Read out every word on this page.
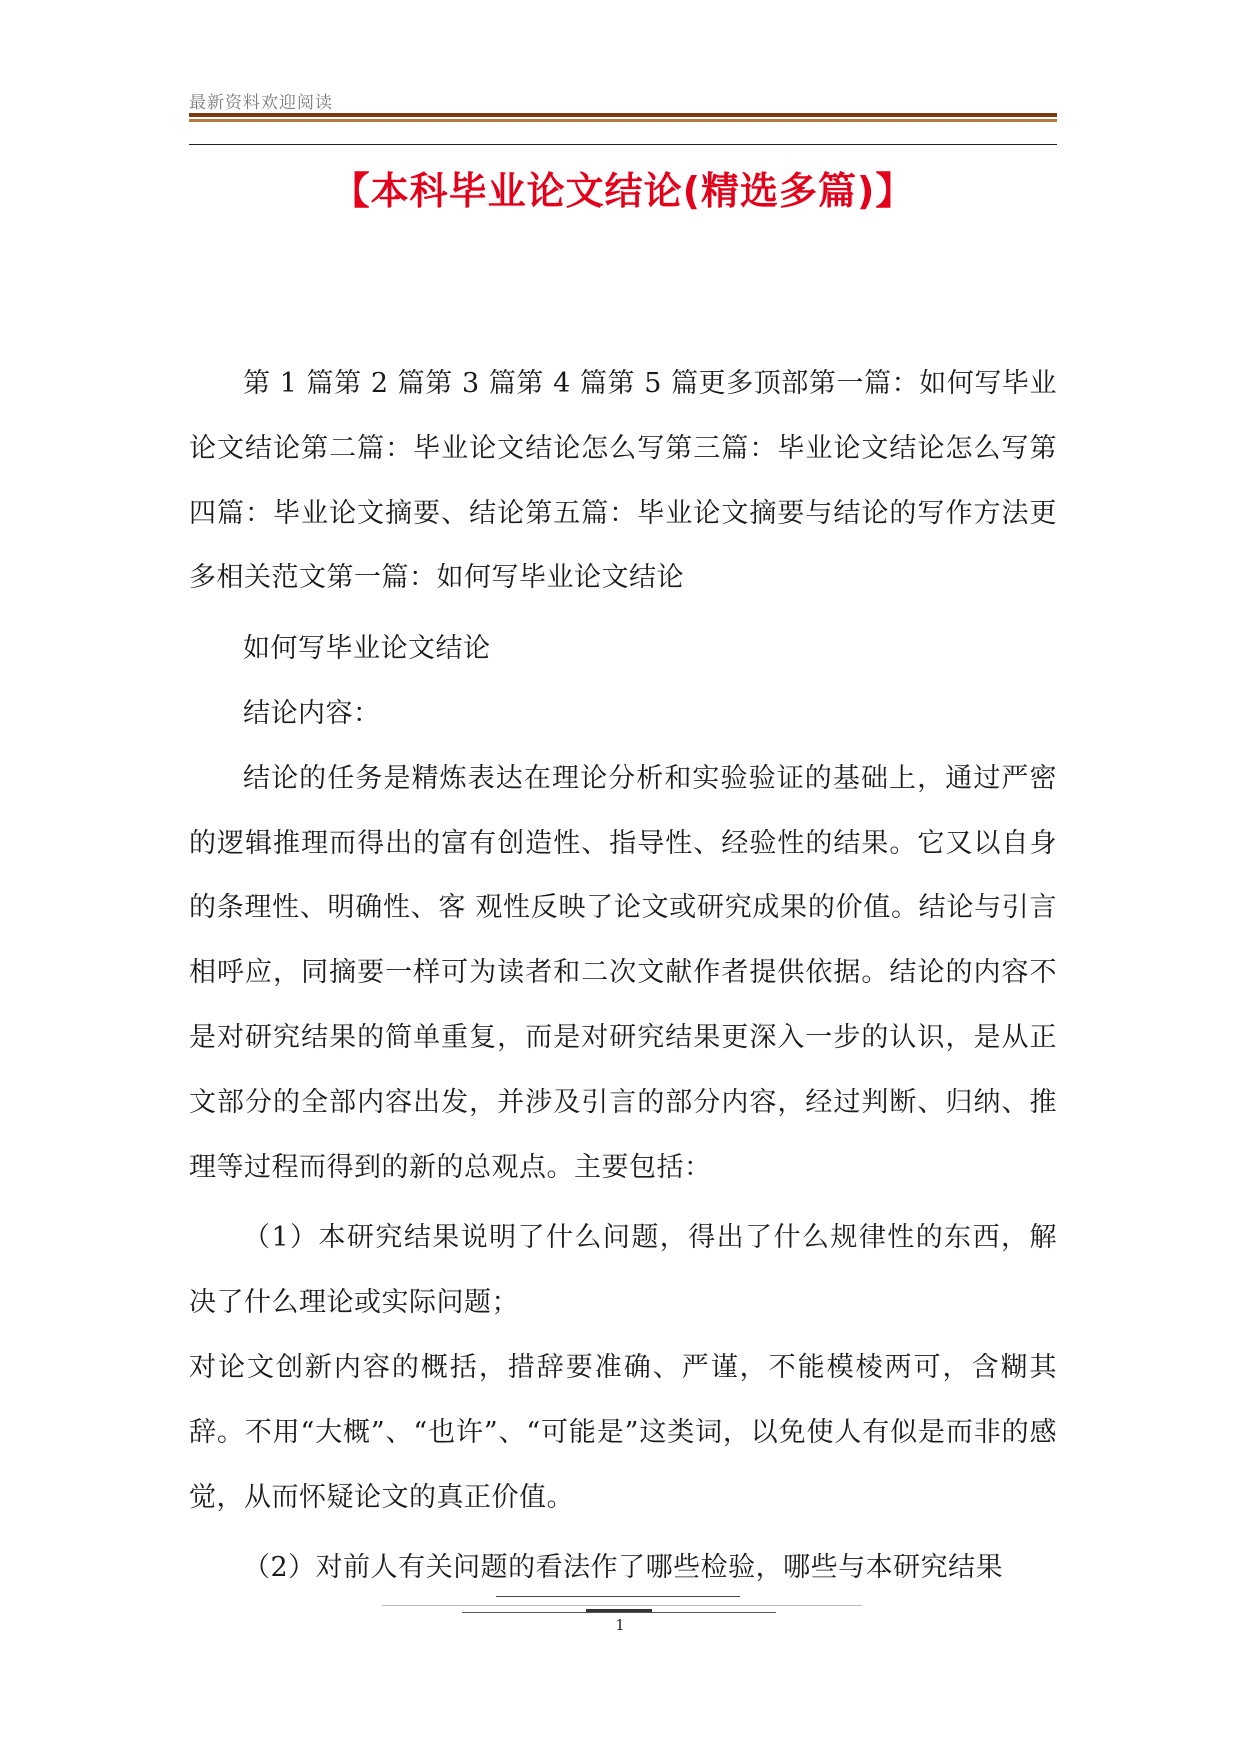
最新资料欢迎阅读
【本科毕业论文结论(精选多篇)】

第 1 篇第 2 篇第 3 篇第 4 篇第 5 篇更多顶部第一篇：如何写毕业论文结论第二篇：毕业论文结论怎么写第三篇：毕业论文结论怎么写第四篇：毕业论文摘要、结论第五篇：毕业论文摘要与结论的写作方法更多相关范文第一篇：如何写毕业论文结论

如何写毕业论文结论

结论内容：

结论的任务是精炼表达在理论分析和实验验证的基础上，通过严密的逻辑推理而得出的富有创造性、指导性、经验性的结果。它又以自身的条理性、明确性、客 观性反映了论文或研究成果的价值。结论与引言相呼应，同摘要一样可为读者和二次文献作者提供依据。结论的内容不是对研究结果的简单重复，而是对研究结果更深入一步的认识，是从正文部分的全部内容出发，并涉及引言的部分内容，经过判断、归纳、推理等过程而得到的新的总观点。主要包括：

（1）本研究结果说明了什么问题，得出了什么规律性的东西，解决了什么理论或实际问题；

对论文创新内容的概括，措辞要准确、严谨，不能模棱两可，含糊其辞。不用“大概”、“也许”、“可能是”这类词，以免使人有似是而非的感觉，从而怀疑论文的真正价值。

（2）对前人有关问题的看法作了哪些检验，哪些与本研究结果

1
